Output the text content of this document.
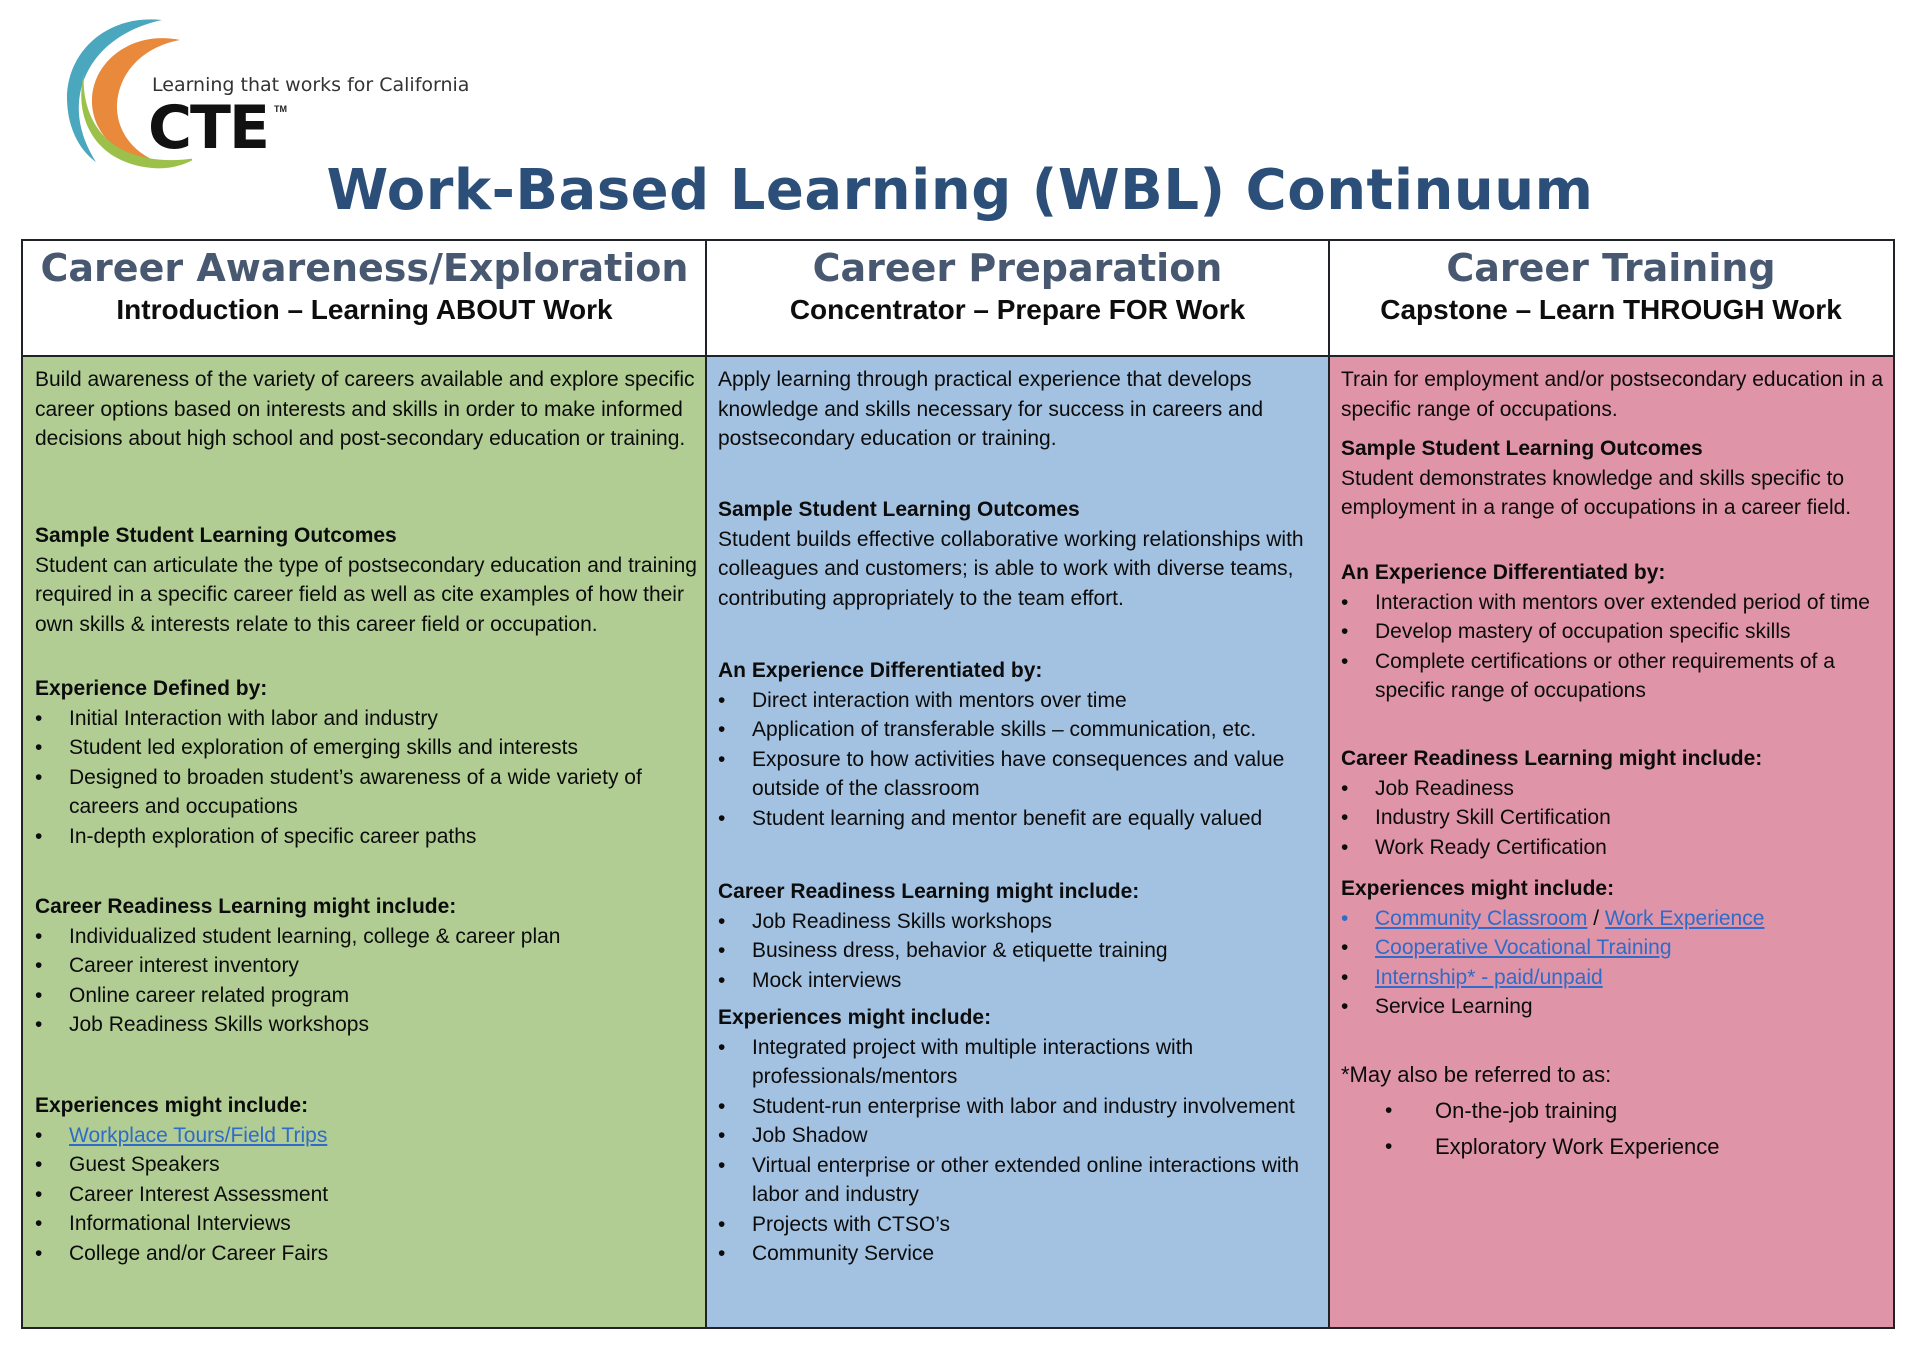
Learning that works for California
CTE TM
Work-Based Learning (WBL) Continuum
Career Awareness/Exploration
Introduction – Learning ABOUT Work
Career Preparation
Concentrator – Prepare FOR Work
Career Training
Capstone – Learn THROUGH Work
Build awareness of the variety of careers available and explore specific career options based on interests and skills in order to make informed decisions about high school and post-secondary education or training.
Sample Student Learning Outcomes
Student can articulate the type of postsecondary education and training required in a specific career field as well as cite examples of how their own skills & interests relate to this career field or occupation.
Experience Defined by:
• Initial Interaction with labor and industry
• Student led exploration of emerging skills and interests
• Designed to broaden student’s awareness of a wide variety of careers and occupations
• In-depth exploration of specific career paths
Career Readiness Learning might include:
• Individualized student learning, college & career plan
• Career interest inventory
• Online career related program
• Job Readiness Skills workshops
Experiences might include:
• Workplace Tours/Field Trips
• Guest Speakers
• Career Interest Assessment
• Informational Interviews
• College and/or Career Fairs
Apply learning through practical experience that develops knowledge and skills necessary for success in careers and postsecondary education or training.
Sample Student Learning Outcomes
Student builds effective collaborative working relationships with colleagues and customers; is able to work with diverse teams, contributing appropriately to the team effort.
An Experience Differentiated by:
• Direct interaction with mentors over time
• Application of transferable skills – communication, etc.
• Exposure to how activities have consequences and value outside of the classroom
• Student learning and mentor benefit are equally valued
Career Readiness Learning might include:
• Job Readiness Skills workshops
• Business dress, behavior & etiquette training
• Mock interviews
Experiences might include:
• Integrated project with multiple interactions with professionals/mentors
• Student-run enterprise with labor and industry involvement
• Job Shadow
• Virtual enterprise or other extended online interactions with labor and industry
• Projects with CTSO’s
• Community Service
Train for employment and/or postsecondary education in a specific range of occupations.
Sample Student Learning Outcomes
Student demonstrates knowledge and skills specific to employment in a range of occupations in a career field.
An Experience Differentiated by:
• Interaction with mentors over extended period of time
• Develop mastery of occupation specific skills
• Complete certifications or other requirements of a specific range of occupations
Career Readiness Learning might include:
• Job Readiness
• Industry Skill Certification
• Work Ready Certification
Experiences might include:
• Community Classroom / Work Experience
• Cooperative Vocational Training
• Internship* - paid/unpaid
• Service Learning
*May also be referred to as:
• On-the-job training
• Exploratory Work Experience
